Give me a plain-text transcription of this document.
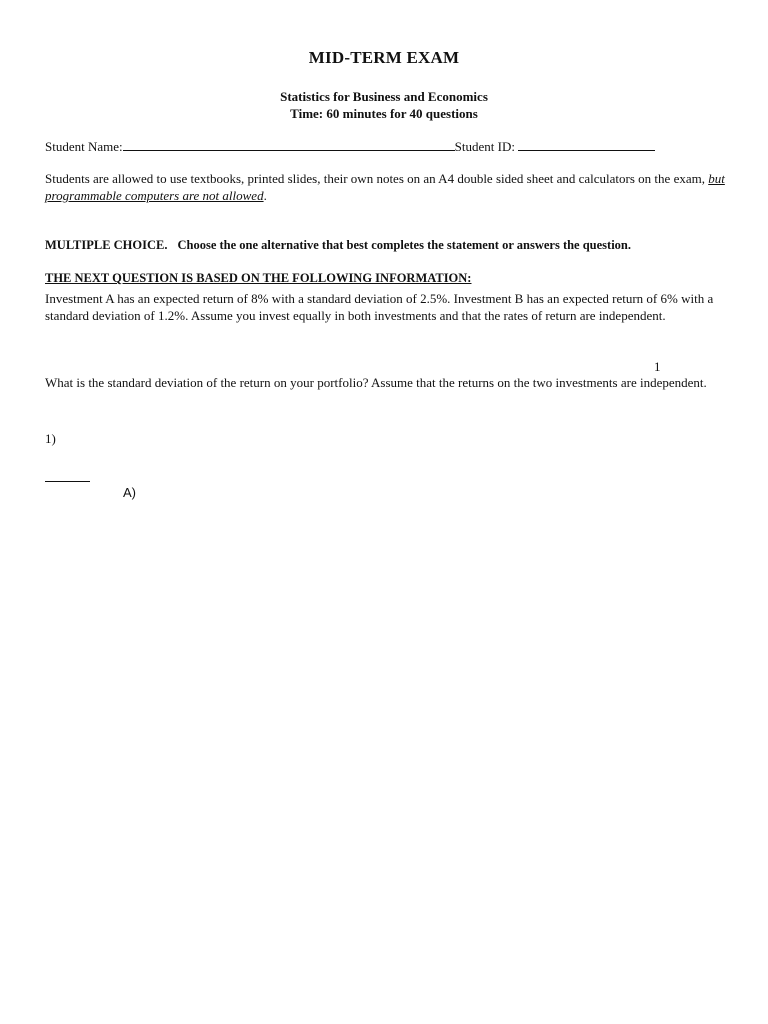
MID-TERM EXAM
Statistics for Business and Economics
Time: 60 minutes for 40 questions
Student Name:	Student ID:
Students are allowed to use textbooks, printed slides, their own notes on an A4 double sided sheet and calculators on the exam, but programmable computers are not allowed.
MULTIPLE CHOICE. Choose the one alternative that best completes the statement or answers the question.
THE NEXT QUESTION IS BASED ON THE FOLLOWING INFORMATION:
Investment A has an expected return of 8% with a standard deviation of 2.5%. Investment B has an expected return of 6% with a standard deviation of 1.2%. Assume you invest equally in both investments and that the rates of return are independent.
1
What is the standard deviation of the return on your portfolio? Assume that the returns on the two investments are independent.
1)
A)
